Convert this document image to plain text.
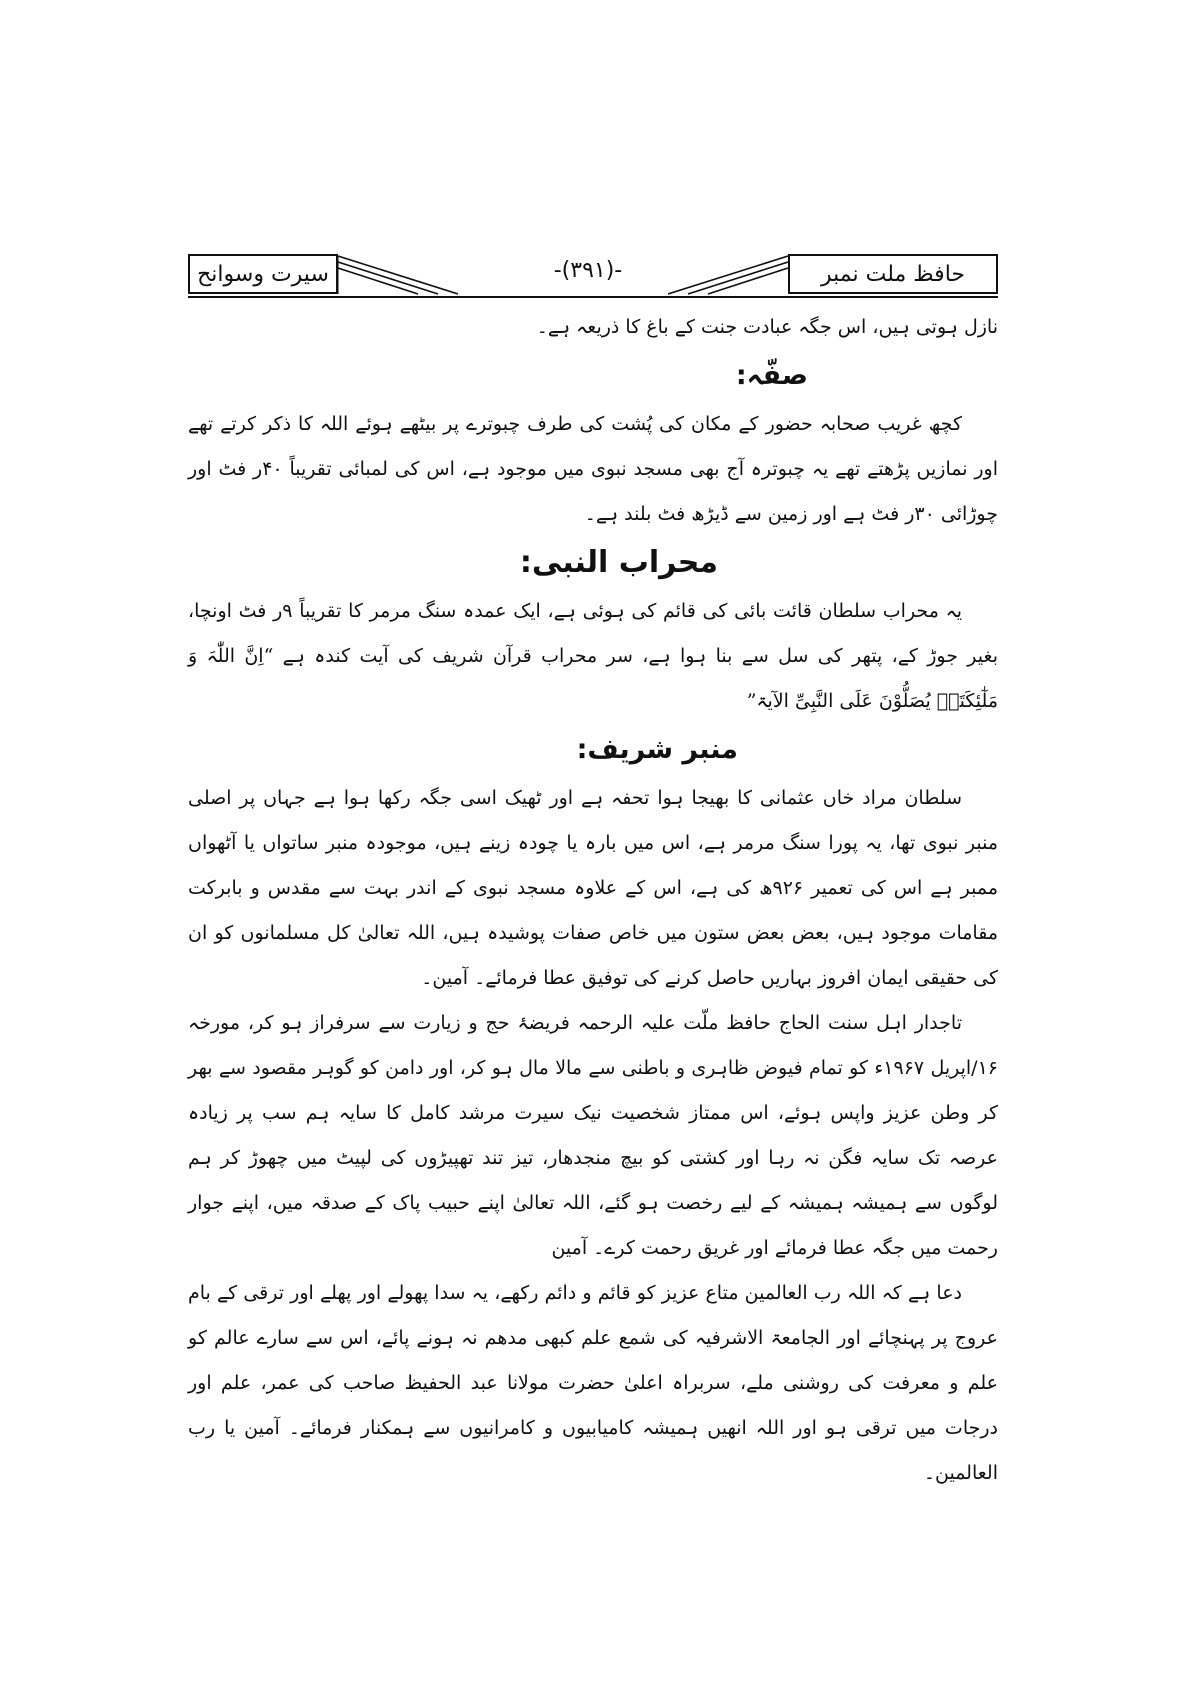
سیرت وسوانح	-(۳۹۱)-	حافظ ملت نمبر

نازل ہوتی ہیں، اس جگہ عبادت جنت کے باغ کا ذریعہ ہے۔

صفّہ:

کچھ غریب صحابہ حضور کے مکان کی پُشت کی طرف چبوترے پر بیٹھے ہوئے اللہ کا ذکر کرتے تھے اور نمازیں پڑھتے تھے یہ چبوترہ آج بھی مسجد نبوی میں موجود ہے، اس کی لمبائی تقریباً ۴۰ر فٹ اور چوڑائی ۳۰ر فٹ ہے اور زمین سے ڈیڑھ فٹ بلند ہے۔

محراب النبی:

یہ محراب سلطان قائت بائی کی قائم کی ہوئی ہے، ایک عمدہ سنگ مرمر کا تقریباً ۹ر فٹ اونچا، بغیر جوڑ کے، پتھر کی سل سے بنا ہوا ہے، سر محراب قرآن شریف کی آیت کندہ ہے “اِنَّ اللّٰہَ وَ مَلٰٓئِکَتَہٗ یُصَلُّوْنَ عَلَی النَّبِیِّ الآیۃ”

منبر شریف:

سلطان مراد خاں عثمانی کا بھیجا ہوا تحفہ ہے اور ٹھیک اسی جگہ رکھا ہوا ہے جہاں پر اصلی منبر نبوی تھا، یہ پورا سنگ مرمر ہے، اس میں بارہ یا چودہ زینے ہیں، موجودہ منبر ساتواں یا آٹھواں ممبر ہے اس کی تعمیر ۹۲۶ھ کی ہے، اس کے علاوہ مسجد نبوی کے اندر بہت سے مقدس و بابرکت مقامات موجود ہیں، بعض بعض ستون میں خاص صفات پوشیدہ ہیں، اللہ تعالیٰ کل مسلمانوں کو ان کی حقیقی ایمان افروز بہاریں حاصل کرنے کی توفیق عطا فرمائے۔ آمین۔

تاجدار اہل سنت الحاج حافظ ملّت علیہ الرحمہ فریضۂ حج و زیارت سے سرفراز ہو کر، مورخہ ۱۶/اپریل ۱۹۶۷ء کو تمام فیوض ظاہری و باطنی سے مالا مال ہو کر، اور دامن کو گوہر مقصود سے بھر کر وطن عزیز واپس ہوئے، اس ممتاز شخصیت نیک سیرت مرشد کامل کا سایہ ہم سب پر زیادہ عرصہ تک سایہ فگن نہ رہا اور کشتی کو بیچ منجدھار، تیز تند تھپیڑوں کی لپیٹ میں چھوڑ کر ہم لوگوں سے ہمیشہ ہمیشہ کے لیے رخصت ہو گئے، اللہ تعالیٰ اپنے حبیب پاک کے صدقہ میں، اپنے جوار رحمت میں جگہ عطا فرمائے اور غریق رحمت کرے۔ آمین

دعا ہے کہ اللہ رب العالمین متاع عزیز کو قائم و دائم رکھے، یہ سدا پھولے اور پھلے اور ترقی کے بام عروج پر پہنچائے اور الجامعۃ الاشرفیہ کی شمع علم کبھی مدھم نہ ہونے پائے، اس سے سارے عالم کو علم و معرفت کی روشنی ملے، سربراہ اعلیٰ حضرت مولانا عبد الحفیظ صاحب کی عمر، علم اور درجات میں ترقی ہو اور اللہ انھیں ہمیشہ کامیابیوں و کامرانیوں سے ہمکنار فرمائے۔ آمین یا رب العالمین۔
